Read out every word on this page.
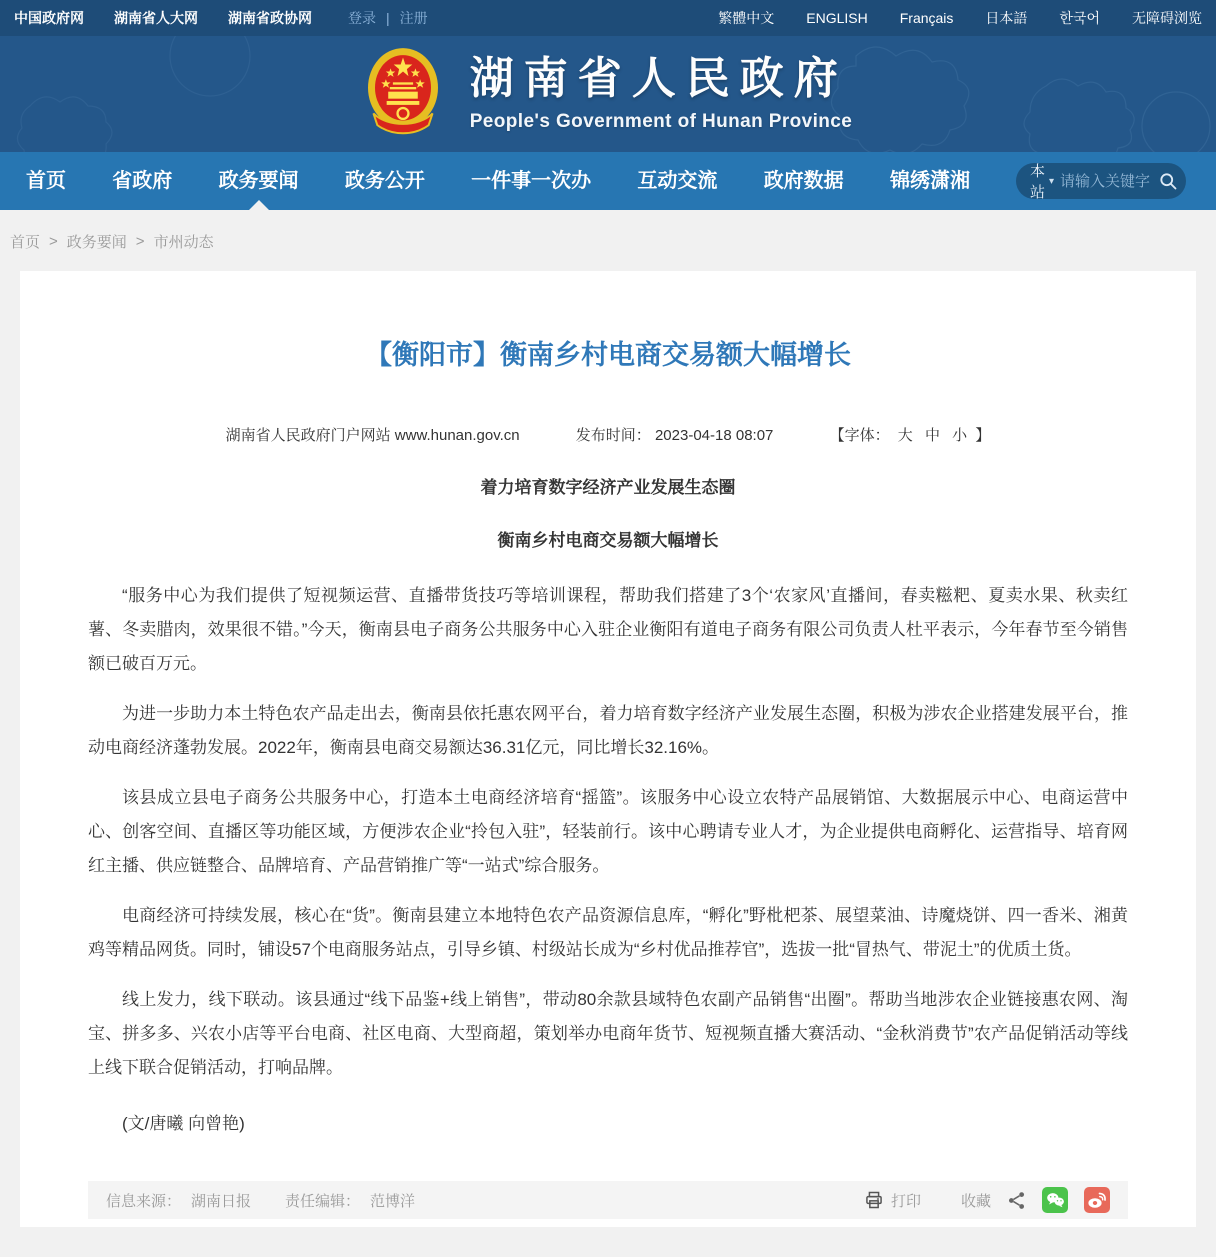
中国政府网 湖南省人大网 湖南省政协网	登录 | 注册	繁體中文 ENGLISH Français 日本語 한국어 无障碍浏览
湖南省人民政府
People's Government of Hunan Province
首页 省政府 政务要闻 政务公开 一件事一次办 互动交流 政府数据 锦绣潇湘	本站
▾
请输入关键字
首页 > 政务要闻 > 市州动态
【衡阳市】衡南乡村电商交易额大幅增长
湖南省人民政府门户网站 www.hunan.gov.cn	发布时间： 2023-04-18 08:07	【字体： 大 中 小 】
着力培育数字经济产业发展生态圈
衡南乡村电商交易额大幅增长

“服务中心为我们提供了短视频运营、直播带货技巧等培训课程，帮助我们搭建了3个‘农家风’直播间，春卖糍粑、夏卖水果、秋卖红薯、冬卖腊肉，效果很不错。”今天，衡南县电子商务公共服务中心入驻企业衡阳有道电子商务有限公司负责人杜平表示，今年春节至今销售额已破百万元。

为进一步助力本土特色农产品走出去，衡南县依托惠农网平台，着力培育数字经济产业发展生态圈，积极为涉农企业搭建发展平台，推动电商经济蓬勃发展。2022年，衡南县电商交易额达36.31亿元，同比增长32.16%。

该县成立县电子商务公共服务中心，打造本土电商经济培育“摇篮”。该服务中心设立农特产品展销馆、大数据展示中心、电商运营中心、创客空间、直播区等功能区域，方便涉农企业“拎包入驻”，轻装前行。该中心聘请专业人才，为企业提供电商孵化、运营指导、培育网红主播、供应链整合、品牌培育、产品营销推广等“一站式”综合服务。

电商经济可持续发展，核心在“货”。衡南县建立本地特色农产品资源信息库，“孵化”野枇杷茶、展望菜油、诗魔烧饼、四一香米、湘黄鸡等精品网货。同时，铺设57个电商服务站点，引导乡镇、村级站长成为“乡村优品推荐官”，选拔一批“冒热气、带泥土”的优质土货。

线上发力，线下联动。该县通过“线下品鉴+线上销售”，带动80余款县域特色农副产品销售“出圈”。帮助当地涉农企业链接惠农网、淘宝、拼多多、兴农小店等平台电商、社区电商、大型商超，策划举办电商年货节、短视频直播大赛活动、“金秋消费节”农产品促销活动等线上线下联合促销活动，打响品牌。

(文/唐曦 向曾艳)

信息来源： 湖南日报 责任编辑： 范博洋	打印	收藏
